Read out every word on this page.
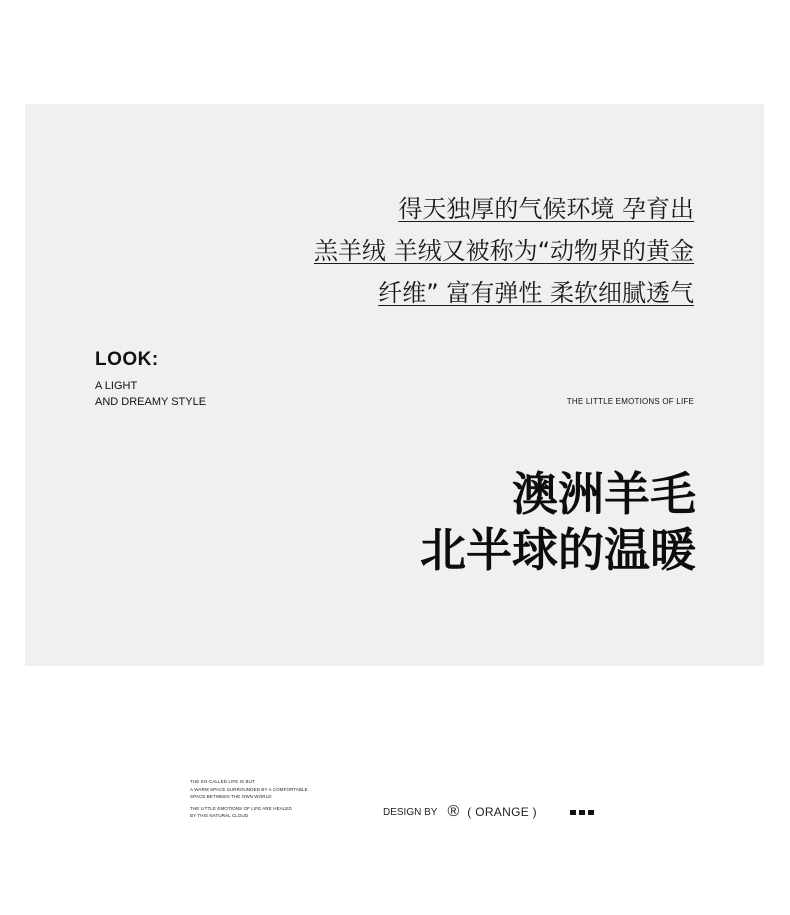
得天独厚的气候环境 孕育出
羔羊绒 羊绒又被称为“动物界的黄金
纤维” 富有弹性 柔软细腻透气
LOOK:
A LIGHT
AND DREAMY STYLE	THE LITTLE EMOTIONS OF LIFE
澳洲羊毛
北半球的温暖
THE SO-CALLED LIFE IS BUT
A WARM SPACE SURROUNDED BY A COMFORTABLE
SPACE BETWEEN THE OWN WORLD
THE LITTLE EMOTIONS OF LIFE ARE HEALED
BY THIS NATURAL CLOUD	DESIGN BY ® ( ORANGE )
